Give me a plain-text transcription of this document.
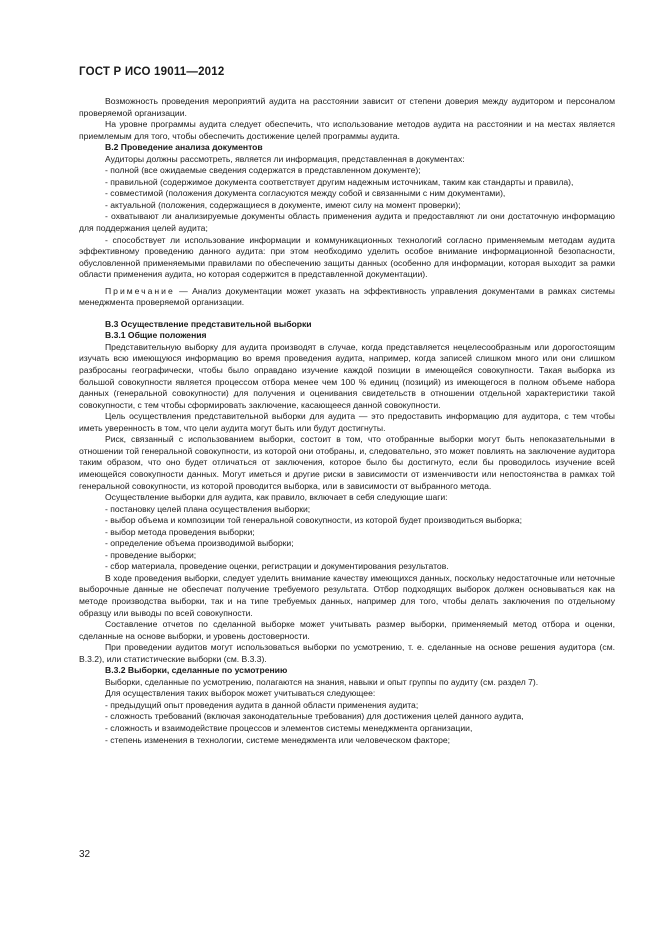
ГОСТ Р ИСО 19011—2012

Возможность проведения мероприятий аудита на расстоянии зависит от степени доверия между аудитором и персоналом проверяемой организации.

На уровне программы аудита следует обеспечить, что использование методов аудита на расстоянии и на местах является приемлемым для того, чтобы обеспечить достижение целей программы аудита.

В.2 Проведение анализа документов

Аудиторы должны рассмотреть, является ли информация, представленная в документах:

- полной (все ожидаемые сведения содержатся в представленном документе);

- правильной (содержимое документа соответствует другим надежным источникам, таким как стандарты и правила),

- совместимой (положения документа согласуются между собой и связанными с ним документами),

- актуальной (положения, содержащиеся в документе, имеют силу на момент проверки);

- охватывают ли анализируемые документы область применения аудита и предоставляют ли они достаточную информацию для поддержания целей аудита;

- способствует ли использование информации и коммуникационных технологий согласно применяемым методам аудита эффективному проведению данного аудита: при этом необходимо уделить особое внимание информационной безопасности, обусловленной применяемыми правилами по обеспечению защиты данных (особенно для информации, которая выходит за рамки области применения аудита, но которая содержится в представленной документации).

Примечание — Анализ документации может указать на эффективность управления документами в рамках системы менеджмента проверяемой организации.

В.3 Осуществление представительной выборки
В.3.1 Общие положения

Представительную выборку для аудита производят в случае, когда представляется нецелесообразным или дорогостоящим изучать всю имеющуюся информацию во время проведения аудита, например, когда записей слишком много или они слишком разбросаны географически, чтобы было оправдано изучение каждой позиции в имеющейся совокупности. Такая выборка из большой совокупности является процессом отбора менее чем 100 % единиц (позиций) из имеющегося в полном объеме набора данных (генеральной совокупности) для получения и оценивания свидетельств в отношении отдельной характеристики такой совокупности, с тем чтобы сформировать заключение, касающееся данной совокупности.

Цель осуществления представительной выборки для аудита — это предоставить информацию для аудитора, с тем чтобы иметь уверенность в том, что цели аудита могут быть или будут достигнуты.

Риск, связанный с использованием выборки, состоит в том, что отобранные выборки могут быть непоказательными в отношении той генеральной совокупности, из которой они отобраны, и, следовательно, это может повлиять на заключение аудитора таким образом, что оно будет отличаться от заключения, которое было бы достигнуто, если бы проводилось изучение всей имеющейся совокупности данных. Могут иметься и другие риски в зависимости от изменчивости или непостоянства в рамках той генеральной совокупности, из которой проводится выборка, или в зависимости от выбранного метода.

Осуществление выборки для аудита, как правило, включает в себя следующие шаги:

- постановку целей плана осуществления выборки;

- выбор объема и композиции той генеральной совокупности, из которой будет производиться выборка;

- выбор метода проведения выборки;

- определение объема производимой выборки;

- проведение выборки;

- сбор материала, проведение оценки, регистрации и документирования результатов.

В ходе проведения выборки, следует уделить внимание качеству имеющихся данных, поскольку недостаточные или неточные выборочные данные не обеспечат получение требуемого результата. Отбор подходящих выборок должен основываться как на методе производства выборки, так и на типе требуемых данных, например для того, чтобы делать заключения по отдельному образцу или выводы по всей совокупности.

Составление отчетов по сделанной выборке может учитывать размер выборки, применяемый метод отбора и оценки, сделанные на основе выборки, и уровень достоверности.

При проведении аудитов могут использоваться выборки по усмотрению, т. е. сделанные на основе решения аудитора (см. В.3.2), или статистические выборки (см. В.3.3).

В.3.2 Выборки, сделанные по усмотрению

Выборки, сделанные по усмотрению, полагаются на знания, навыки и опыт группы по аудиту (см. раздел 7).

Для осуществления таких выборок может учитываться следующее:

- предыдущий опыт проведения аудита в данной области применения аудита;

- сложность требований (включая законодательные требования) для достижения целей данного аудита,

- сложность и взаимодействие процессов и элементов системы менеджмента организации,

- степень изменения в технологии, системе менеджмента или человеческом факторе;

32
